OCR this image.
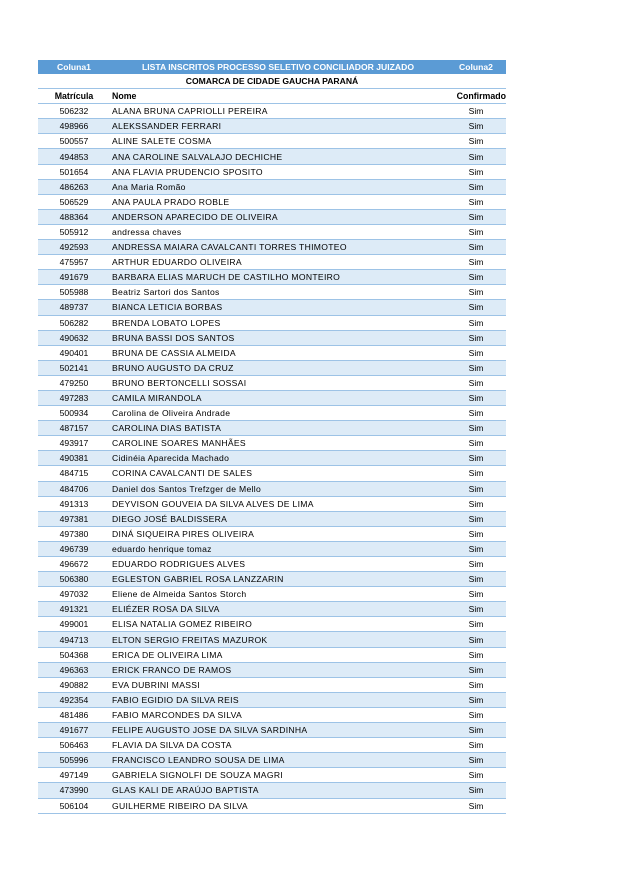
Coluna1	LISTA INSCRITOS PROCESSO SELETIVO CONCILIADOR JUIZADO	Coluna2
COMARCA DE CIDADE GAUCHA PARANÁ		
Matrícula	Nome	Confirmado
506232	ALANA BRUNA CAPRIOLLI PEREIRA	Sim
498966	ALEKSSANDER FERRARI	Sim
500557	ALINE SALETE COSMA	Sim
494853	ANA CAROLINE SALVALAJO DECHICHE	Sim
501654	ANA FLAVIA PRUDENCIO SPOSITO	Sim
486263	Ana Maria Romão	Sim
506529	ANA PAULA PRADO ROBLE	Sim
488364	ANDERSON APARECIDO DE OLIVEIRA	Sim
505912	andressa chaves	Sim
492593	ANDRESSA MAIARA CAVALCANTI TORRES THIMOTEO	Sim
475957	ARTHUR EDUARDO OLIVEIRA	Sim
491679	BARBARA ELIAS MARUCH DE CASTILHO MONTEIRO	Sim
505988	Beatriz Sartori dos Santos	Sim
489737	BIANCA LETICIA BORBAS	Sim
506282	BRENDA LOBATO LOPES	Sim
490632	BRUNA BASSI DOS SANTOS	Sim
490401	BRUNA DE CASSIA ALMEIDA	Sim
502141	BRUNO AUGUSTO DA CRUZ	Sim
479250	BRUNO BERTONCELLI SOSSAI	Sim
497283	CAMILA MIRANDOLA	Sim
500934	Carolina de Oliveira Andrade	Sim
487157	CAROLINA DIAS BATISTA	Sim
493917	CAROLINE SOARES MANHÃES	Sim
490381	Cidinéia Aparecida Machado	Sim
484715	CORINA CAVALCANTI DE SALES	Sim
484706	Daniel dos Santos Trefzger de Mello	Sim
491313	DEYVISON GOUVEIA DA SILVA ALVES DE LIMA	Sim
497381	DIEGO JOSÉ BALDISSERA	Sim
497380	DINÁ SIQUEIRA PIRES OLIVEIRA	Sim
496739	eduardo henrique tomaz	Sim
496672	EDUARDO RODRIGUES ALVES	Sim
506380	EGLESTON GABRIEL ROSA LANZZARIN	Sim
497032	Eliene de Almeida Santos Storch	Sim
491321	ELIÉZER ROSA DA SILVA	Sim
499001	ELISA NATALIA GOMEZ RIBEIRO	Sim
494713	ELTON SERGIO FREITAS MAZUROK	Sim
504368	ERICA DE OLIVEIRA LIMA	Sim
496363	ERICK FRANCO DE RAMOS	Sim
490882	EVA DUBRINI MASSI	Sim
492354	FABIO EGIDIO DA SILVA REIS	Sim
481486	FABIO MARCONDES DA SILVA	Sim
491677	FELIPE AUGUSTO JOSE DA SILVA SARDINHA	Sim
506463	FLAVIA DA SILVA DA COSTA	Sim
505996	FRANCISCO LEANDRO SOUSA DE LIMA	Sim
497149	GABRIELA SIGNOLFI DE SOUZA MAGRI	Sim
473990	GLAS KALI DE ARAÚJO BAPTISTA	Sim
506104	GUILHERME RIBEIRO DA SILVA	Sim
